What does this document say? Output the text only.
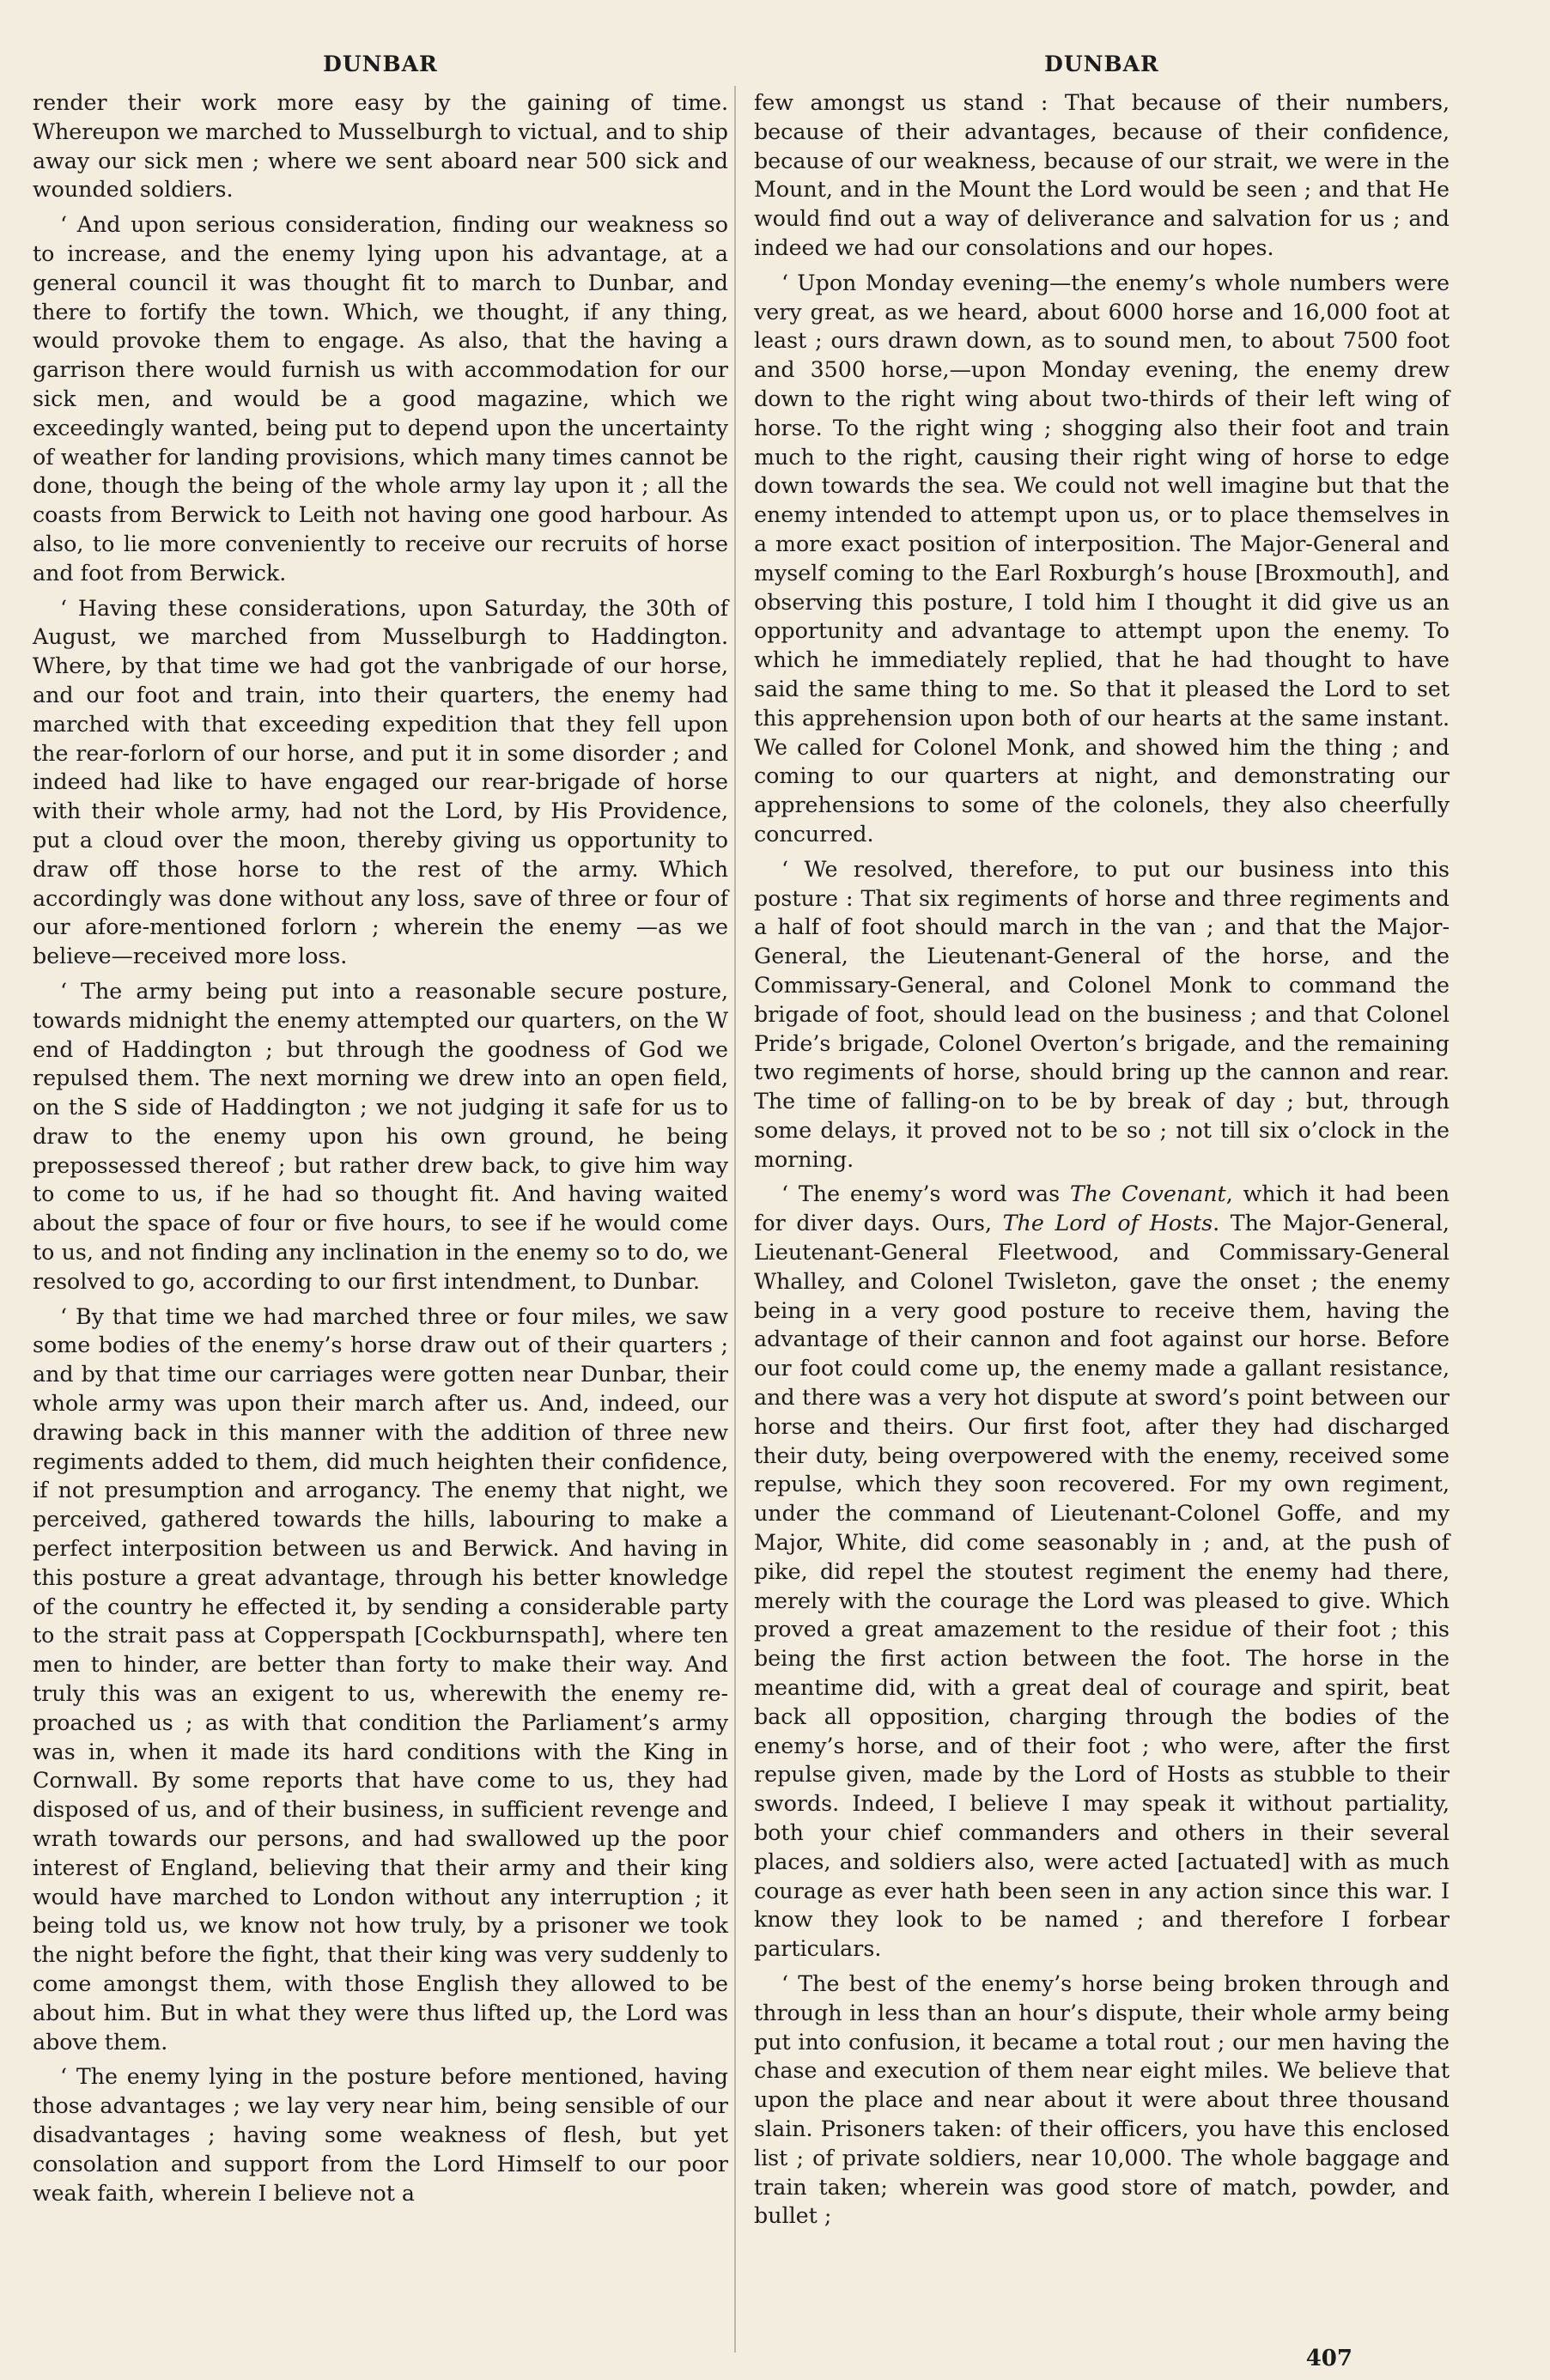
DUNBAR

render their work more easy by the gaining of time. Whereupon we marched to Musselburgh to victual, and to ship away our sick men ; where we sent aboard near 500 sick and wounded soldiers.

‘ And upon serious consideration, finding our weakness so to increase, and the enemy lying upon his advantage, at a general council it was thought fit to march to Dunbar, and there to fortify the town. Which, we thought, if any thing, would provoke them to engage. As also, that the having a garrison there would furnish us with accommodation for our sick men, and would be a good magazine, which we exceedingly wanted, being put to depend upon the uncertainty of weather for landing provisions, which many times cannot be done, though the being of the whole army lay upon it ; all the coasts from Berwick to Leith not having one good harbour. As also, to lie more conveniently to receive our recruits of horse and foot from Berwick.

‘ Having these considerations, upon Saturday, the 30th of August, we marched from Musselburgh to Haddington. Where, by that time we had got the vanbrigade of our horse, and our foot and train, into their quarters, the enemy had marched with that exceeding expedition that they fell upon the rear-forlorn of our horse, and put it in some disorder ; and indeed had like to have engaged our rear-brigade of horse with their whole army, had not the Lord, by His Providence, put a cloud over the moon, thereby giving us opportunity to draw off those horse to the rest of the army. Which accordingly was done without any loss, save of three or four of our afore-mentioned forlorn ; wherein the enemy —as we believe—received more loss.

‘ The army being put into a reasonable secure posture, towards midnight the enemy attempted our quarters, on the W end of Haddington ; but through the goodness of God we repulsed them. The next morning we drew into an open field, on the S side of Haddington ; we not judging it safe for us to draw to the enemy upon his own ground, he being prepossessed thereof ; but rather drew back, to give him way to come to us, if he had so thought fit. And having waited about the space of four or five hours, to see if he would come to us, and not finding any inclination in the enemy so to do, we resolved to go, according to our first intendment, to Dunbar.

‘ By that time we had marched three or four miles, we saw some bodies of the enemy’s horse draw out of their quarters ; and by that time our carriages were gotten near Dunbar, their whole army was upon their march after us. And, indeed, our drawing back in this manner with the addition of three new regiments added to them, did much heighten their confidence, if not presumption and arrogancy. The enemy that night, we perceived, gathered towards the hills, labouring to make a perfect interposition between us and Berwick. And having in this posture a great advantage, through his better knowledge of the country he effected it, by sending a considerable party to the strait pass at Copperspath [Cockburnspath], where ten men to hinder, are better than forty to make their way. And truly this was an exigent to us, wherewith the enemy reproached us ; as with that condition the Parliament’s army was in, when it made its hard conditions with the King in Cornwall. By some reports that have come to us, they had disposed of us, and of their business, in sufficient revenge and wrath towards our persons, and had swallowed up the poor interest of England, believing that their army and their king would have marched to London without any interruption ; it being told us, we know not how truly, by a prisoner we took the night before the fight, that their king was very suddenly to come amongst them, with those English they allowed to be about him. But in what they were thus lifted up, the Lord was above them.

‘ The enemy lying in the posture before mentioned, having those advantages ; we lay very near him, being sensible of our disadvantages ; having some weakness of flesh, but yet consolation and support from the Lord Himself to our poor weak faith, wherein I believe not a

DUNBAR

few amongst us stand : That because of their numbers, because of their advantages, because of their confidence, because of our weakness, because of our strait, we were in the Mount, and in the Mount the Lord would be seen ; and that He would find out a way of deliverance and salvation for us ; and indeed we had our consolations and our hopes.

‘ Upon Monday evening—the enemy’s whole numbers were very great, as we heard, about 6000 horse and 16,000 foot at least ; ours drawn down, as to sound men, to about 7500 foot and 3500 horse,—upon Monday evening, the enemy drew down to the right wing about two-thirds of their left wing of horse. To the right wing ; shogging also their foot and train much to the right, causing their right wing of horse to edge down towards the sea. We could not well imagine but that the enemy intended to attempt upon us, or to place themselves in a more exact position of interposition. The Major-General and myself coming to the Earl Roxburgh’s house [Broxmouth], and observing this posture, I told him I thought it did give us an opportunity and advantage to attempt upon the enemy. To which he immediately replied, that he had thought to have said the same thing to me. So that it pleased the Lord to set this apprehension upon both of our hearts at the same instant. We called for Colonel Monk, and showed him the thing ; and coming to our quarters at night, and demonstrating our apprehensions to some of the colonels, they also cheerfully concurred.

‘ We resolved, therefore, to put our business into this posture : That six regiments of horse and three regiments and a half of foot should march in the van ; and that the Major-General, the Lieutenant-General of the horse, and the Commissary-General, and Colonel Monk to command the brigade of foot, should lead on the business ; and that Colonel Pride’s brigade, Colonel Overton’s brigade, and the remaining two regiments of horse, should bring up the cannon and rear. The time of falling-on to be by break of day ; but, through some delays, it proved not to be so ; not till six o’clock in the morning.

‘ The enemy’s word was The Covenant, which it had been for diver days. Ours, The Lord of Hosts. The Major-General, Lieutenant-General Fleetwood, and Commissary-General Whalley, and Colonel Twisleton, gave the onset ; the enemy being in a very good posture to receive them, having the advantage of their cannon and foot against our horse. Before our foot could come up, the enemy made a gallant resistance, and there was a very hot dispute at sword’s point between our horse and theirs. Our first foot, after they had discharged their duty, being overpowered with the enemy, received some repulse, which they soon recovered. For my own regiment, under the command of Lieutenant-Colonel Goffe, and my Major, White, did come seasonably in ; and, at the push of pike, did repel the stoutest regiment the enemy had there, merely with the courage the Lord was pleased to give. Which proved a great amazement to the residue of their foot ; this being the first action between the foot. The horse in the meantime did, with a great deal of courage and spirit, beat back all opposition, charging through the bodies of the enemy’s horse, and of their foot ; who were, after the first repulse given, made by the Lord of Hosts as stubble to their swords. Indeed, I believe I may speak it without partiality, both your chief commanders and others in their several places, and soldiers also, were acted [actuated] with as much courage as ever hath been seen in any action since this war. I know they look to be named ; and therefore I forbear particulars.

‘ The best of the enemy’s horse being broken through and through in less than an hour’s dispute, their whole army being put into confusion, it became a total rout ; our men having the chase and execution of them near eight miles. We believe that upon the place and near about it were about three thousand slain. Prisoners taken: of their officers, you have this enclosed list ; of private soldiers, near 10,000. The whole baggage and train taken; wherein was good store of match, powder, and bullet ;

407
